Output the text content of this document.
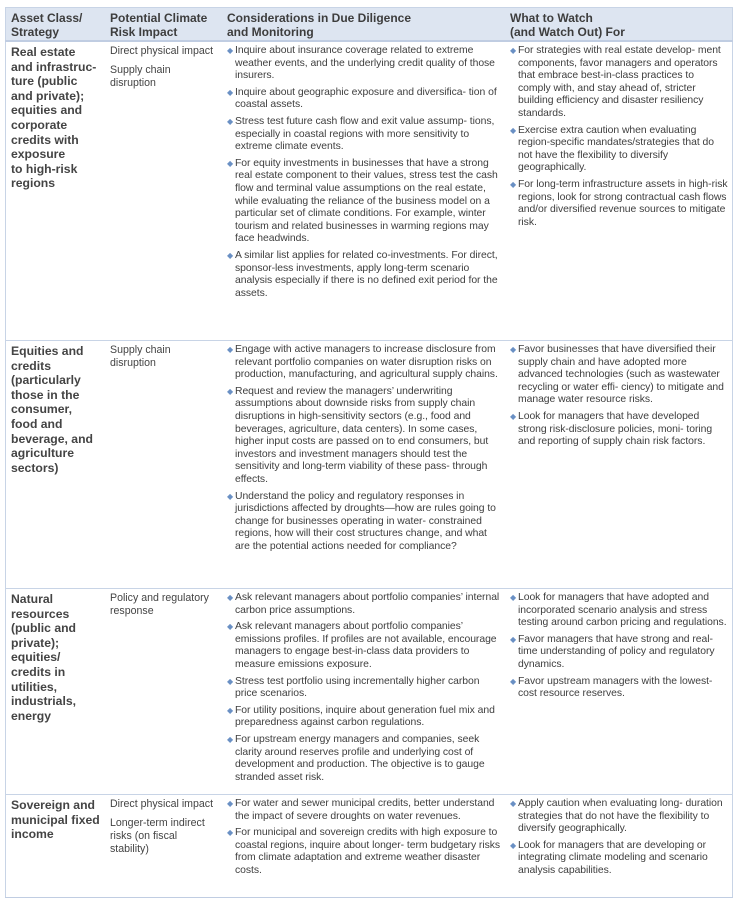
Asset Class/
Strategy
Potential Climate
Risk Impact
Considerations in Due Diligence
and Monitoring
What to Watch
(and Watch Out) For
Real estate
and infrastruc-
ture (public
and private);
equities and
corporate
credits with
exposure
to high-risk
regions
Direct physical impact
Supply chain disruption
◆ Inquire about insurance coverage related to extreme weather events, and the underlying credit quality of those insurers.
◆ Inquire about geographic exposure and diversifica- tion of coastal assets.
◆ Stress test future cash flow and exit value assump- tions, especially in coastal regions with more sensitivity to extreme climate events.
◆ For equity investments in businesses that have a strong real estate component to their values, stress test the cash flow and terminal value assumptions on the real estate, while evaluating the reliance of the business model on a particular set of climate conditions. For example, winter tourism and related businesses in warming regions may face headwinds.
◆ A similar list applies for related co-investments. For direct, sponsor-less investments, apply long-term scenario analysis especially if there is no defined exit period for the assets.
◆ For strategies with real estate develop- ment components, favor managers and operators that embrace best-in-class practices to comply with, and stay ahead of, stricter building efficiency and disaster resiliency standards.
◆ Exercise extra caution when evaluating region-specific mandates/strategies that do not have the flexibility to diversify geographically.
◆ For long-term infrastructure assets in high-risk regions, look for strong contractual cash flows and/or diversified revenue sources to mitigate risk.
Equities and
credits
(particularly
those in the
consumer,
food and
beverage, and
agriculture
sectors)
Supply chain disruption
◆ Engage with active managers to increase disclosure from relevant portfolio companies on water disruption risks on production, manufacturing, and agricultural supply chains.
◆ Request and review the managers’ underwriting assumptions about downside risks from supply chain disruptions in high-sensitivity sectors (e.g., food and beverages, agriculture, data centers). In some cases, higher input costs are passed on to end consumers, but investors and investment managers should test the sensitivity and long-term viability of these pass- through effects.
◆ Understand the policy and regulatory responses in jurisdictions affected by droughts—how are rules going to change for businesses operating in water- constrained regions, how will their cost structures change, and what are the potential actions needed for compliance?
◆ Favor businesses that have diversified their supply chain and have adopted more advanced technologies (such as wastewater recycling or water effi- ciency) to mitigate and manage water resource risks.
◆ Look for managers that have developed strong risk-disclosure policies, moni- toring and reporting of supply chain risk factors.
Natural
resources
(public and
private);
equities/
credits in
utilities,
industrials,
energy
Policy and regulatory response
◆ Ask relevant managers about portfolio companies’ internal carbon price assumptions.
◆ Ask relevant managers about portfolio companies’ emissions profiles. If profiles are not available, encourage managers to engage best-in-class data providers to measure emissions exposure.
◆ Stress test portfolio using incrementally higher carbon price scenarios.
◆ For utility positions, inquire about generation fuel mix and preparedness against carbon regulations.
◆ For upstream energy managers and companies, seek clarity around reserves profile and underlying cost of development and production. The objective is to gauge stranded asset risk.
◆ Look for managers that have adopted and incorporated scenario analysis and stress testing around carbon pricing and regulations.
◆ Favor managers that have strong and real-time understanding of policy and regulatory dynamics.
◆ Favor upstream managers with the lowest-cost resource reserves.
Sovereign and
municipal fixed
income
Direct physical impact
Longer-term indirect risks (on fiscal stability)
◆ For water and sewer municipal credits, better understand the impact of severe droughts on water revenues.
◆ For municipal and sovereign credits with high exposure to coastal regions, inquire about longer- term budgetary risks from climate adaptation and extreme weather disaster costs.
◆ Apply caution when evaluating long- duration strategies that do not have the flexibility to diversify geographically.
◆ Look for managers that are developing or integrating climate modeling and scenario analysis capabilities.
